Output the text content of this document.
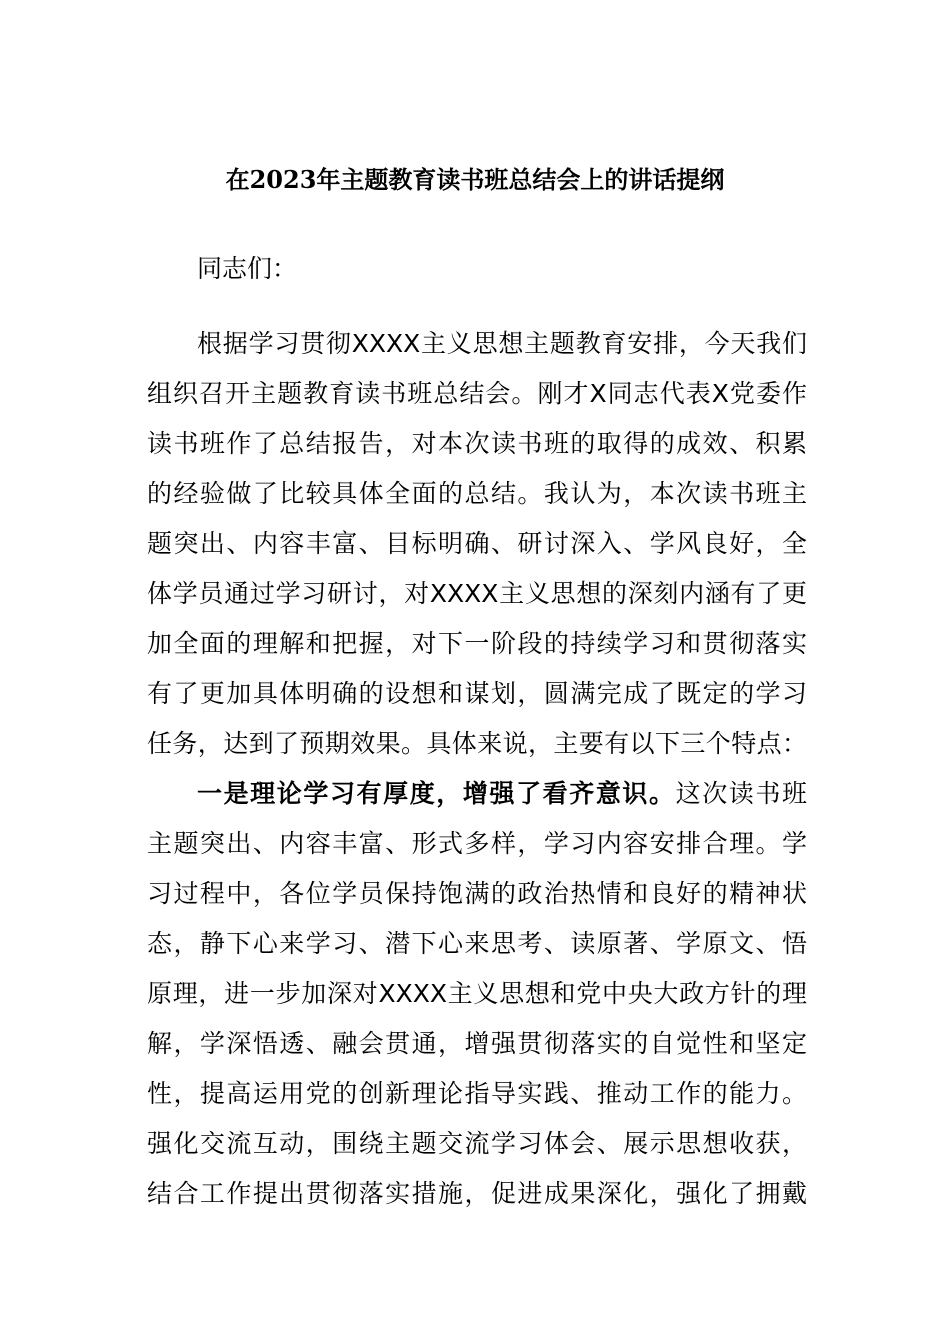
在2023年主题教育读书班总结会上的讲话提纲
同志们：
根据学习贯彻XXXX主义思想主题教育安排，今天我们
组织召开主题教育读书班总结会。刚才X同志代表X党委作
读书班作了总结报告，对本次读书班的取得的成效、积累
的经验做了比较具体全面的总结。我认为，本次读书班主
题突出、内容丰富、目标明确、研讨深入、学风良好，全
体学员通过学习研讨，对XXXX主义思想的深刻内涵有了更
加全面的理解和把握，对下一阶段的持续学习和贯彻落实
有了更加具体明确的设想和谋划，圆满完成了既定的学习
任务，达到了预期效果。具体来说，主要有以下三个特点：
一是理论学习有厚度，增强了看齐意识。这次读书班
主题突出、内容丰富、形式多样，学习内容安排合理。学
习过程中，各位学员保持饱满的政治热情和良好的精神状
态，静下心来学习、潜下心来思考、读原著、学原文、悟
原理，进一步加深对XXXX主义思想和党中央大政方针的理
解，学深悟透、融会贯通，增强贯彻落实的自觉性和坚定
性，提高运用党的创新理论指导实践、推动工作的能力。
强化交流互动，围绕主题交流学习体会、展示思想收获，
结合工作提出贯彻落实措施，促进成果深化，强化了拥戴
